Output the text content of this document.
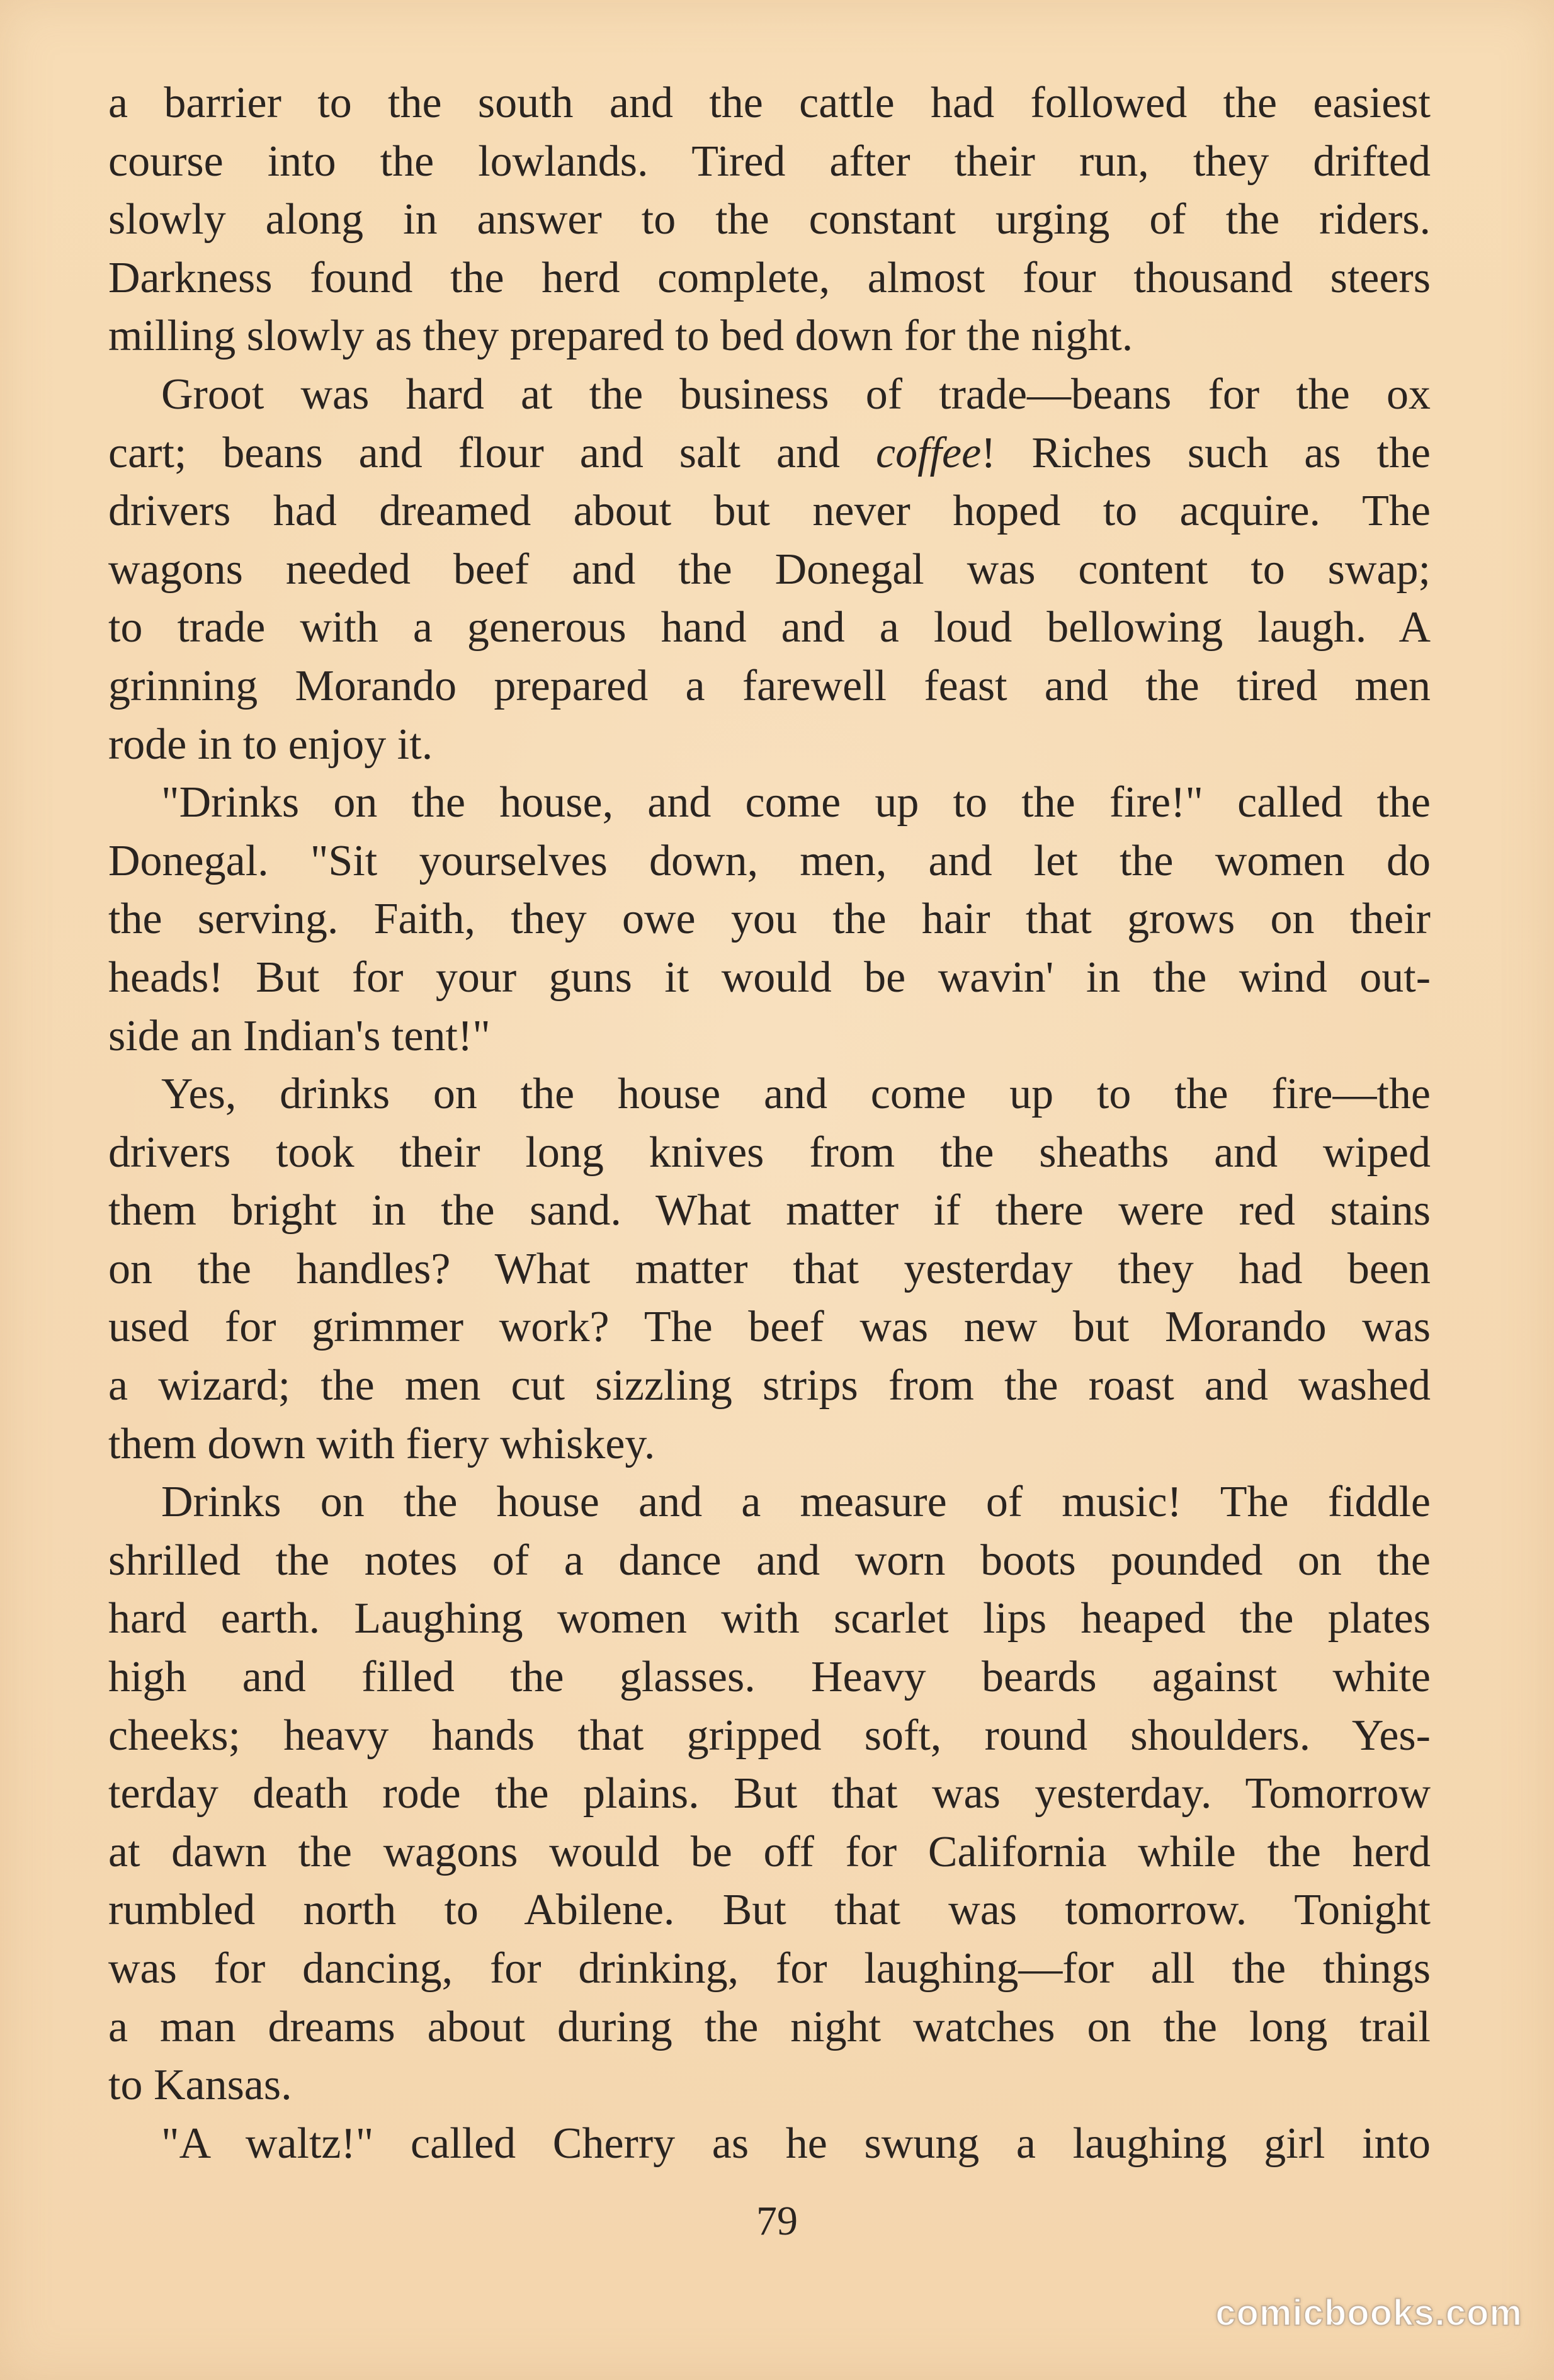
a barrier to the south and the cattle had followed the easiest
course into the lowlands. Tired after their run, they drifted
slowly along in answer to the constant urging of the riders.
Darkness found the herd complete, almost four thousand steers
milling slowly as they prepared to bed down for the night.
Groot was hard at the business of trade—beans for the ox
cart; beans and flour and salt and coffee! Riches such as the
drivers had dreamed about but never hoped to acquire. The
wagons needed beef and the Donegal was content to swap;
to trade with a generous hand and a loud bellowing laugh. A
grinning Morando prepared a farewell feast and the tired men
rode in to enjoy it.
"Drinks on the house, and come up to the fire!" called the
Donegal. "Sit yourselves down, men, and let the women do
the serving. Faith, they owe you the hair that grows on their
heads! But for your guns it would be wavin' in the wind out-
side an Indian's tent!"
Yes, drinks on the house and come up to the fire—the
drivers took their long knives from the sheaths and wiped
them bright in the sand. What matter if there were red stains
on the handles? What matter that yesterday they had been
used for grimmer work? The beef was new but Morando was
a wizard; the men cut sizzling strips from the roast and washed
them down with fiery whiskey.
Drinks on the house and a measure of music! The fiddle
shrilled the notes of a dance and worn boots pounded on the
hard earth. Laughing women with scarlet lips heaped the plates
high and filled the glasses. Heavy beards against white
cheeks; heavy hands that gripped soft, round shoulders. Yes-
terday death rode the plains. But that was yesterday. Tomorrow
at dawn the wagons would be off for California while the herd
rumbled north to Abilene. But that was tomorrow. Tonight
was for dancing, for drinking, for laughing—for all the things
a man dreams about during the night watches on the long trail
to Kansas.
"A waltz!" called Cherry as he swung a laughing girl into
79
comicbooks.com
